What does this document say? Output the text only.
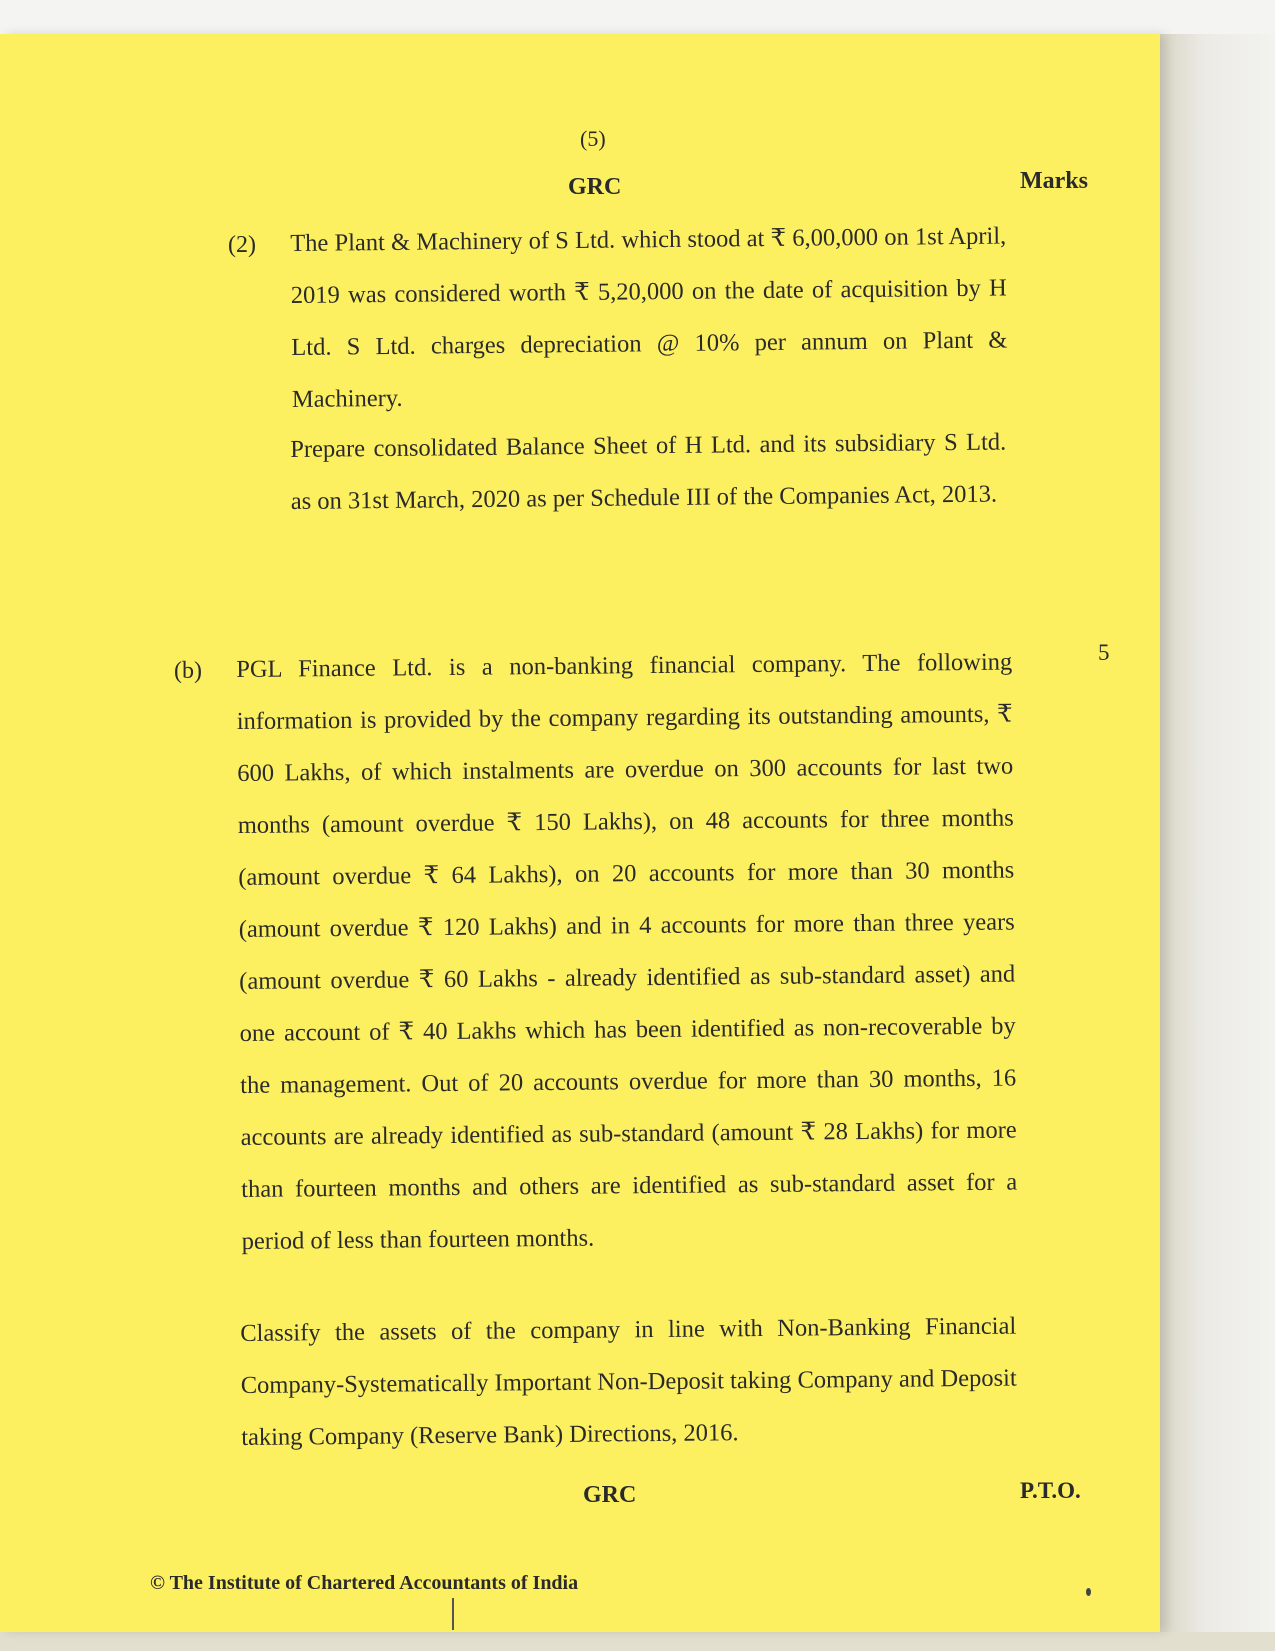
(5)
GRC	Marks
(2) The Plant & Machinery of S Ltd. which stood at ₹ 6,00,000 on 1st April, 2019 was considered worth ₹ 5,20,000 on the date of acquisition by H Ltd. S Ltd. charges depreciation @ 10% per annum on Plant & Machinery.
Prepare consolidated Balance Sheet of H Ltd. and its subsidiary S Ltd. as on 31st March, 2020 as per Schedule III of the Companies Act, 2013.
(b)
5
PGL Finance Ltd. is a non-banking financial company. The following information is provided by the company regarding its outstanding amounts, ₹ 600 Lakhs, of which instalments are overdue on 300 accounts for last two months (amount overdue ₹ 150 Lakhs), on 48 accounts for three months (amount overdue ₹ 64 Lakhs), on 20 accounts for more than 30 months (amount overdue ₹ 120 Lakhs) and in 4 accounts for more than three years (amount overdue ₹ 60 Lakhs - already identified as sub-standard asset) and one account of ₹ 40 Lakhs which has been identified as non-recoverable by the management. Out of 20 accounts overdue for more than 30 months, 16 accounts are already identified as sub-standard (amount ₹ 28 Lakhs) for more than fourteen months and others are identified as sub-standard asset for a period of less than fourteen months.
Classify the assets of the company in line with Non-Banking Financial Company-Systematically Important Non-Deposit taking Company and Deposit taking Company (Reserve Bank) Directions, 2016.
GRC	P.T.O.
© The Institute of Chartered Accountants of India
